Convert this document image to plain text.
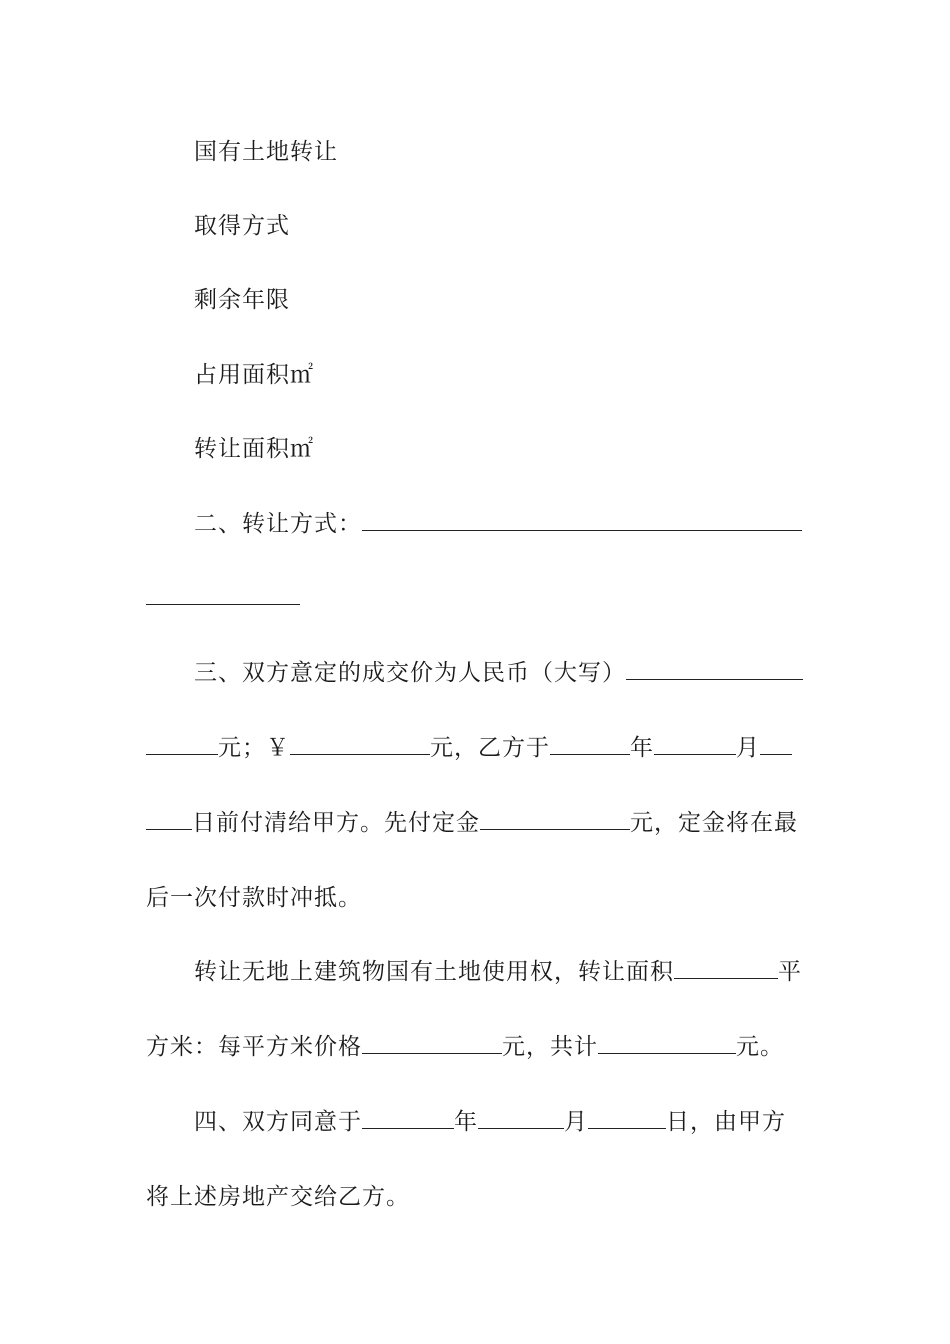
国有土地转让
取得方式
剩余年限
占用面积㎡
转让面积㎡
二、转让方式：
三、双方意定的成交价为人民币（大写）
元；￥	元，乙方于	年	月
日前付清给甲方。先付定金	元，定金将在最
后一次付款时冲抵。
转让无地上建筑物国有土地使用权，转让面积	平
方米：每平方米价格	元，共计	元。
四、双方同意于	年	月	日，由甲方
将上述房地产交给乙方。
